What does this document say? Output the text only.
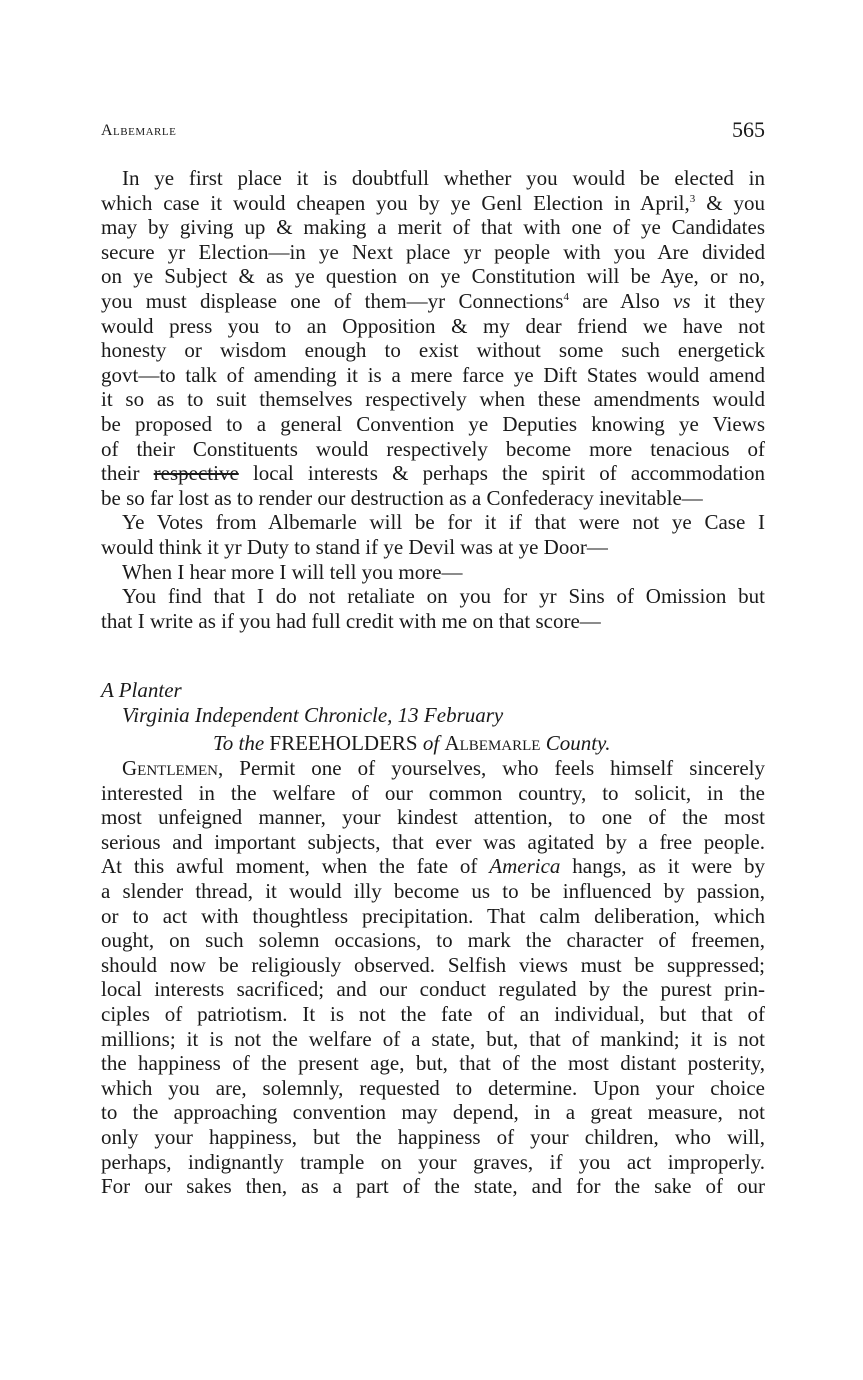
Albemarle	565
In ye first place it is doubtfull whether you would be elected in
which case it would cheapen you by ye Genl Election in April,$^3$ & you
may by giving up & making a merit of that with one of ye Candidates
secure yr Election—in ye Next place yr people with you Are divided
on ye Subject & as ye question on ye Constitution will be Aye, or no,
you must displease one of them—yr Connections$^4$ are Also vs it they
would press you to an Opposition & my dear friend we have not
honesty or wisdom enough to exist without some such energetick
govt—to talk of amending it is a mere farce ye Dift States would amend
it so as to suit themselves respectively when these amendments would
be proposed to a general Convention ye Deputies knowing ye Views
of their Constituents would respectively become more tenacious of
their respective local interests & perhaps the spirit of accommodation
be so far lost as to render our destruction as a Confederacy inevitable—
Ye Votes from Albemarle will be for it if that were not ye Case I
would think it yr Duty to stand if ye Devil was at ye Door—
When I hear more I will tell you more—
You find that I do not retaliate on you for yr Sins of Omission but
that I write as if you had full credit with me on that score—
A Planter
Virginia Independent Chronicle, 13 February
To the FREEHOLDERS of Albemarle County.
Gentlemen, Permit one of yourselves, who feels himself sincerely
interested in the welfare of our common country, to solicit, in the
most unfeigned manner, your kindest attention, to one of the most
serious and important subjects, that ever was agitated by a free people.
At this awful moment, when the fate of America hangs, as it were by
a slender thread, it would illy become us to be influenced by passion,
or to act with thoughtless precipitation. That calm deliberation, which
ought, on such solemn occasions, to mark the character of freemen,
should now be religiously observed. Selfish views must be suppressed;
local interests sacrificed; and our conduct regulated by the purest prin-
ciples of patriotism. It is not the fate of an individual, but that of
millions; it is not the welfare of a state, but, that of mankind; it is not
the happiness of the present age, but, that of the most distant posterity,
which you are, solemnly, requested to determine. Upon your choice
to the approaching convention may depend, in a great measure, not
only your happiness, but the happiness of your children, who will,
perhaps, indignantly trample on your graves, if you act improperly.
For our sakes then, as a part of the state, and for the sake of our
